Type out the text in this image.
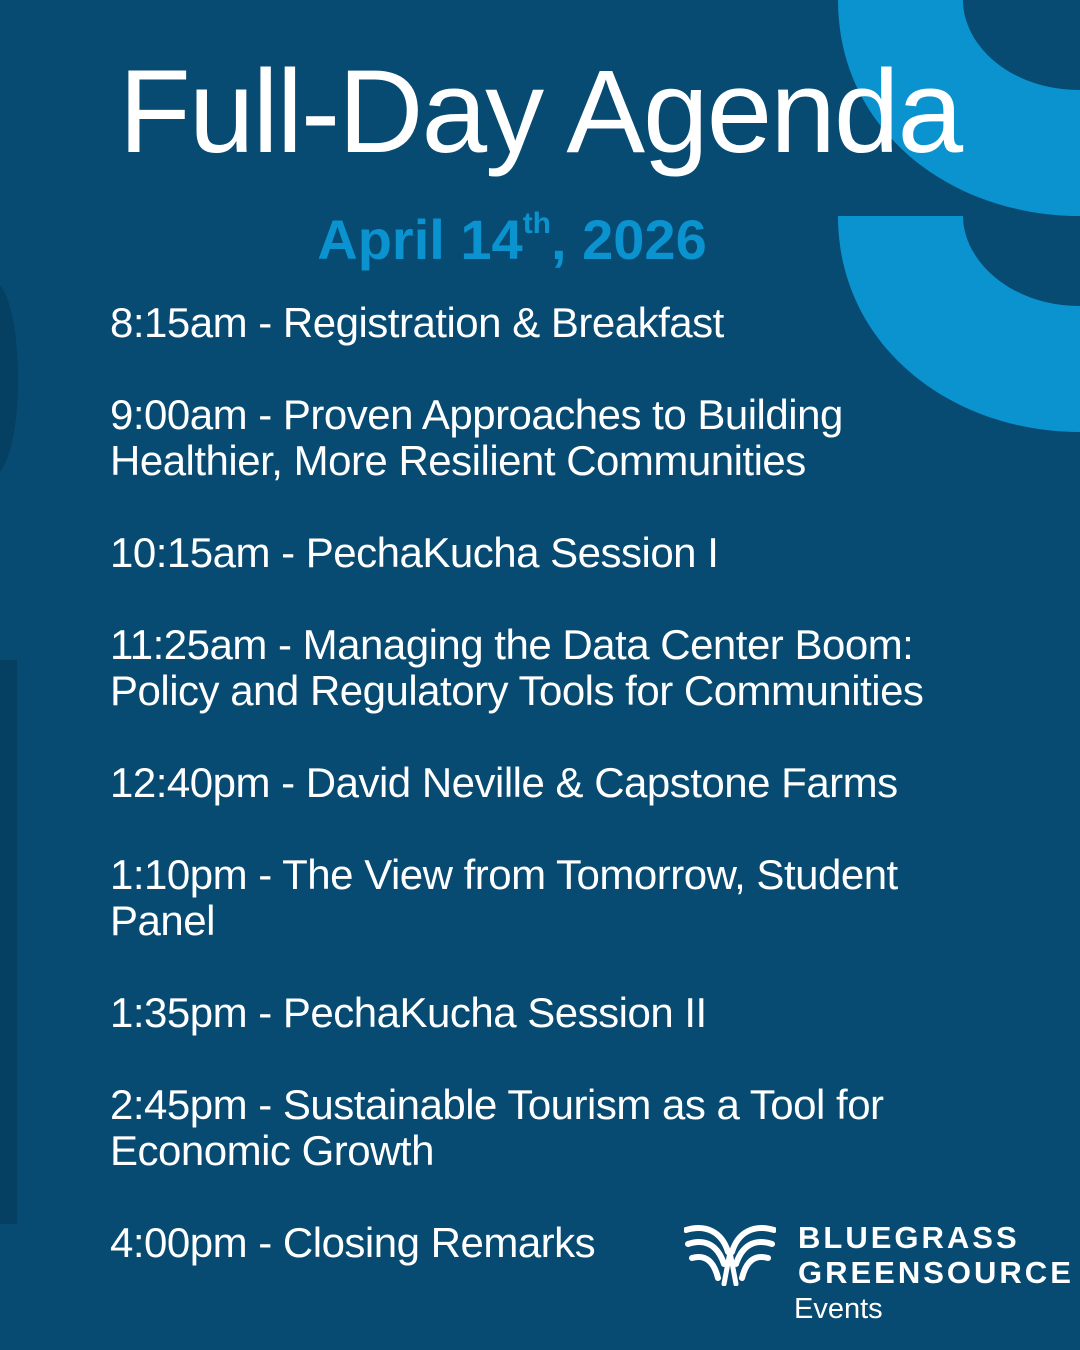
Full-Day Agenda
April 14th, 2026
8:15am - Registration & Breakfast
9:00am - Proven Approaches to Building Healthier, More Resilient Communities
10:15am - PechaKucha Session I
11:25am - Managing the Data Center Boom: Policy and Regulatory Tools for Communities
12:40pm - David Neville & Capstone Farms
1:10pm - The View from Tomorrow, Student Panel
1:35pm - PechaKucha Session II
2:45pm - Sustainable Tourism as a Tool for Economic Growth
4:00pm - Closing Remarks	BLUEGRASS
GREENSOURCE
Events
